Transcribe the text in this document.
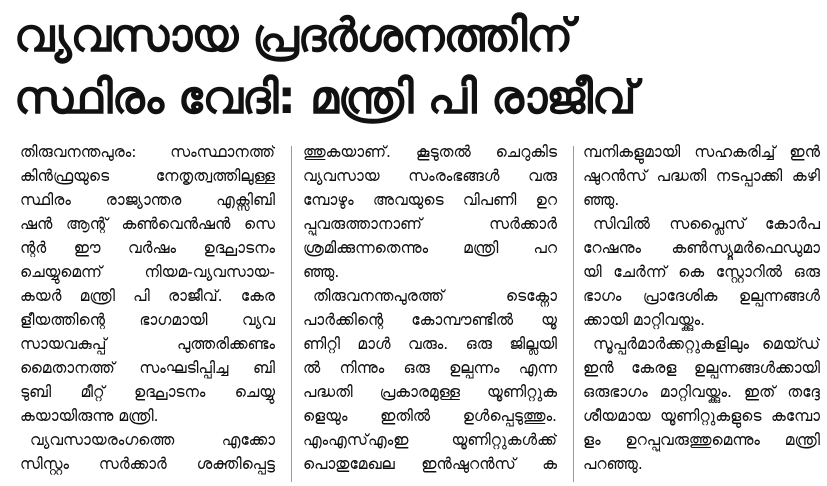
വ്യവസായ പ്രദർശനത്തിന്
സ്ഥിരം വേദി: മന്ത്രി പി രാജീവ്
തിരുവനന്തപുരം: സംസ്ഥാനത്ത്
കിൻഫ്രയുടെ നേതൃത്വത്തിലുള്ള
സ്ഥിരം രാജ്യാന്തര എക്സിബി
ഷൻ ആന്റ് കൺവെൻഷൻ സെ
ന്റർ ഈ വർഷം ഉദ്ഘാടനം
ചെയ്യുമെന്ന് നിയമ-വ്യവസായ-
കയർ മന്ത്രി പി രാജീവ്. കേര
ളീയത്തിന്റെ ഭാഗമായി വ്യവ
സായവകുപ്പ് പുത്തരിക്കണ്ടം
മൈതാനത്ത് സംഘടിപ്പിച്ച ബി
ടുബി മീറ്റ് ഉദ്ഘാടനം ചെയ്യു
കയായിരുന്നു മന്ത്രി.
വ്യവസായരംഗത്തെ എക്കോ
സിസ്റ്റം സർക്കാർ ശക്തിപ്പെട്ട
ത്തുകയാണ്. കൂടുതൽ ചെറുകിട
വ്യവസായ സംരംഭങ്ങൾ വരു
മ്പോഴും അവയുടെ വിപണി ഉറ
പ്പുവരുത്താനാണ് സർക്കാർ
ശ്രമിക്കുന്നതെന്നും മന്ത്രി പറ
ഞ്ഞു.
തിരുവനന്തപുരത്ത് ടെക്നോ
പാർക്കിന്റെ കോമ്പൗണ്ടിൽ യൂ
ണിറ്റി മാൾ വരും. ഒരു ജില്ലയി
ൽ നിന്നും ഒരു ഉല്പന്നം എന്ന
പദ്ധതി പ്രകാരമുള്ള യൂണിറ്റുക
ളെയും ഇതിൽ ഉൾപ്പെടുത്തും.
എംഎസ്എംഇ യൂണിറ്റുകൾക്ക്
പൊതുമേഖല ഇൻഷുറൻസ് ക
മ്പനികളുമായി സഹകരിച്ച് ഇൻ
ഷുറൻസ് പദ്ധതി നടപ്പാക്കി കഴി
ഞ്ഞു.
സിവിൽ സപ്ലൈസ് കോർപ
റേഷനും കൺസ്യൂമർഫെഡുമാ
യി ചേർന്ന് കെ സ്റ്റോറിൽ ഒരു
ഭാഗം പ്രാദേശിക ഉല്പന്നങ്ങൾ
ക്കായി മാറ്റിവയ്ക്കും.
സൂപ്പർമാർക്കറ്റുകളിലും മെയ്ഡ്
ഇൻ കേരള ഉല്പന്നങ്ങൾക്കായി
ഒരുഭാഗം മാറ്റിവയ്ക്കും. ഇത് തദ്ദേ
ശീയമായ യൂണിറ്റുകളുടെ കമ്പോ
ളം ഉറപ്പുവരുത്തുമെന്നും മന്ത്രി
പറഞ്ഞു.
